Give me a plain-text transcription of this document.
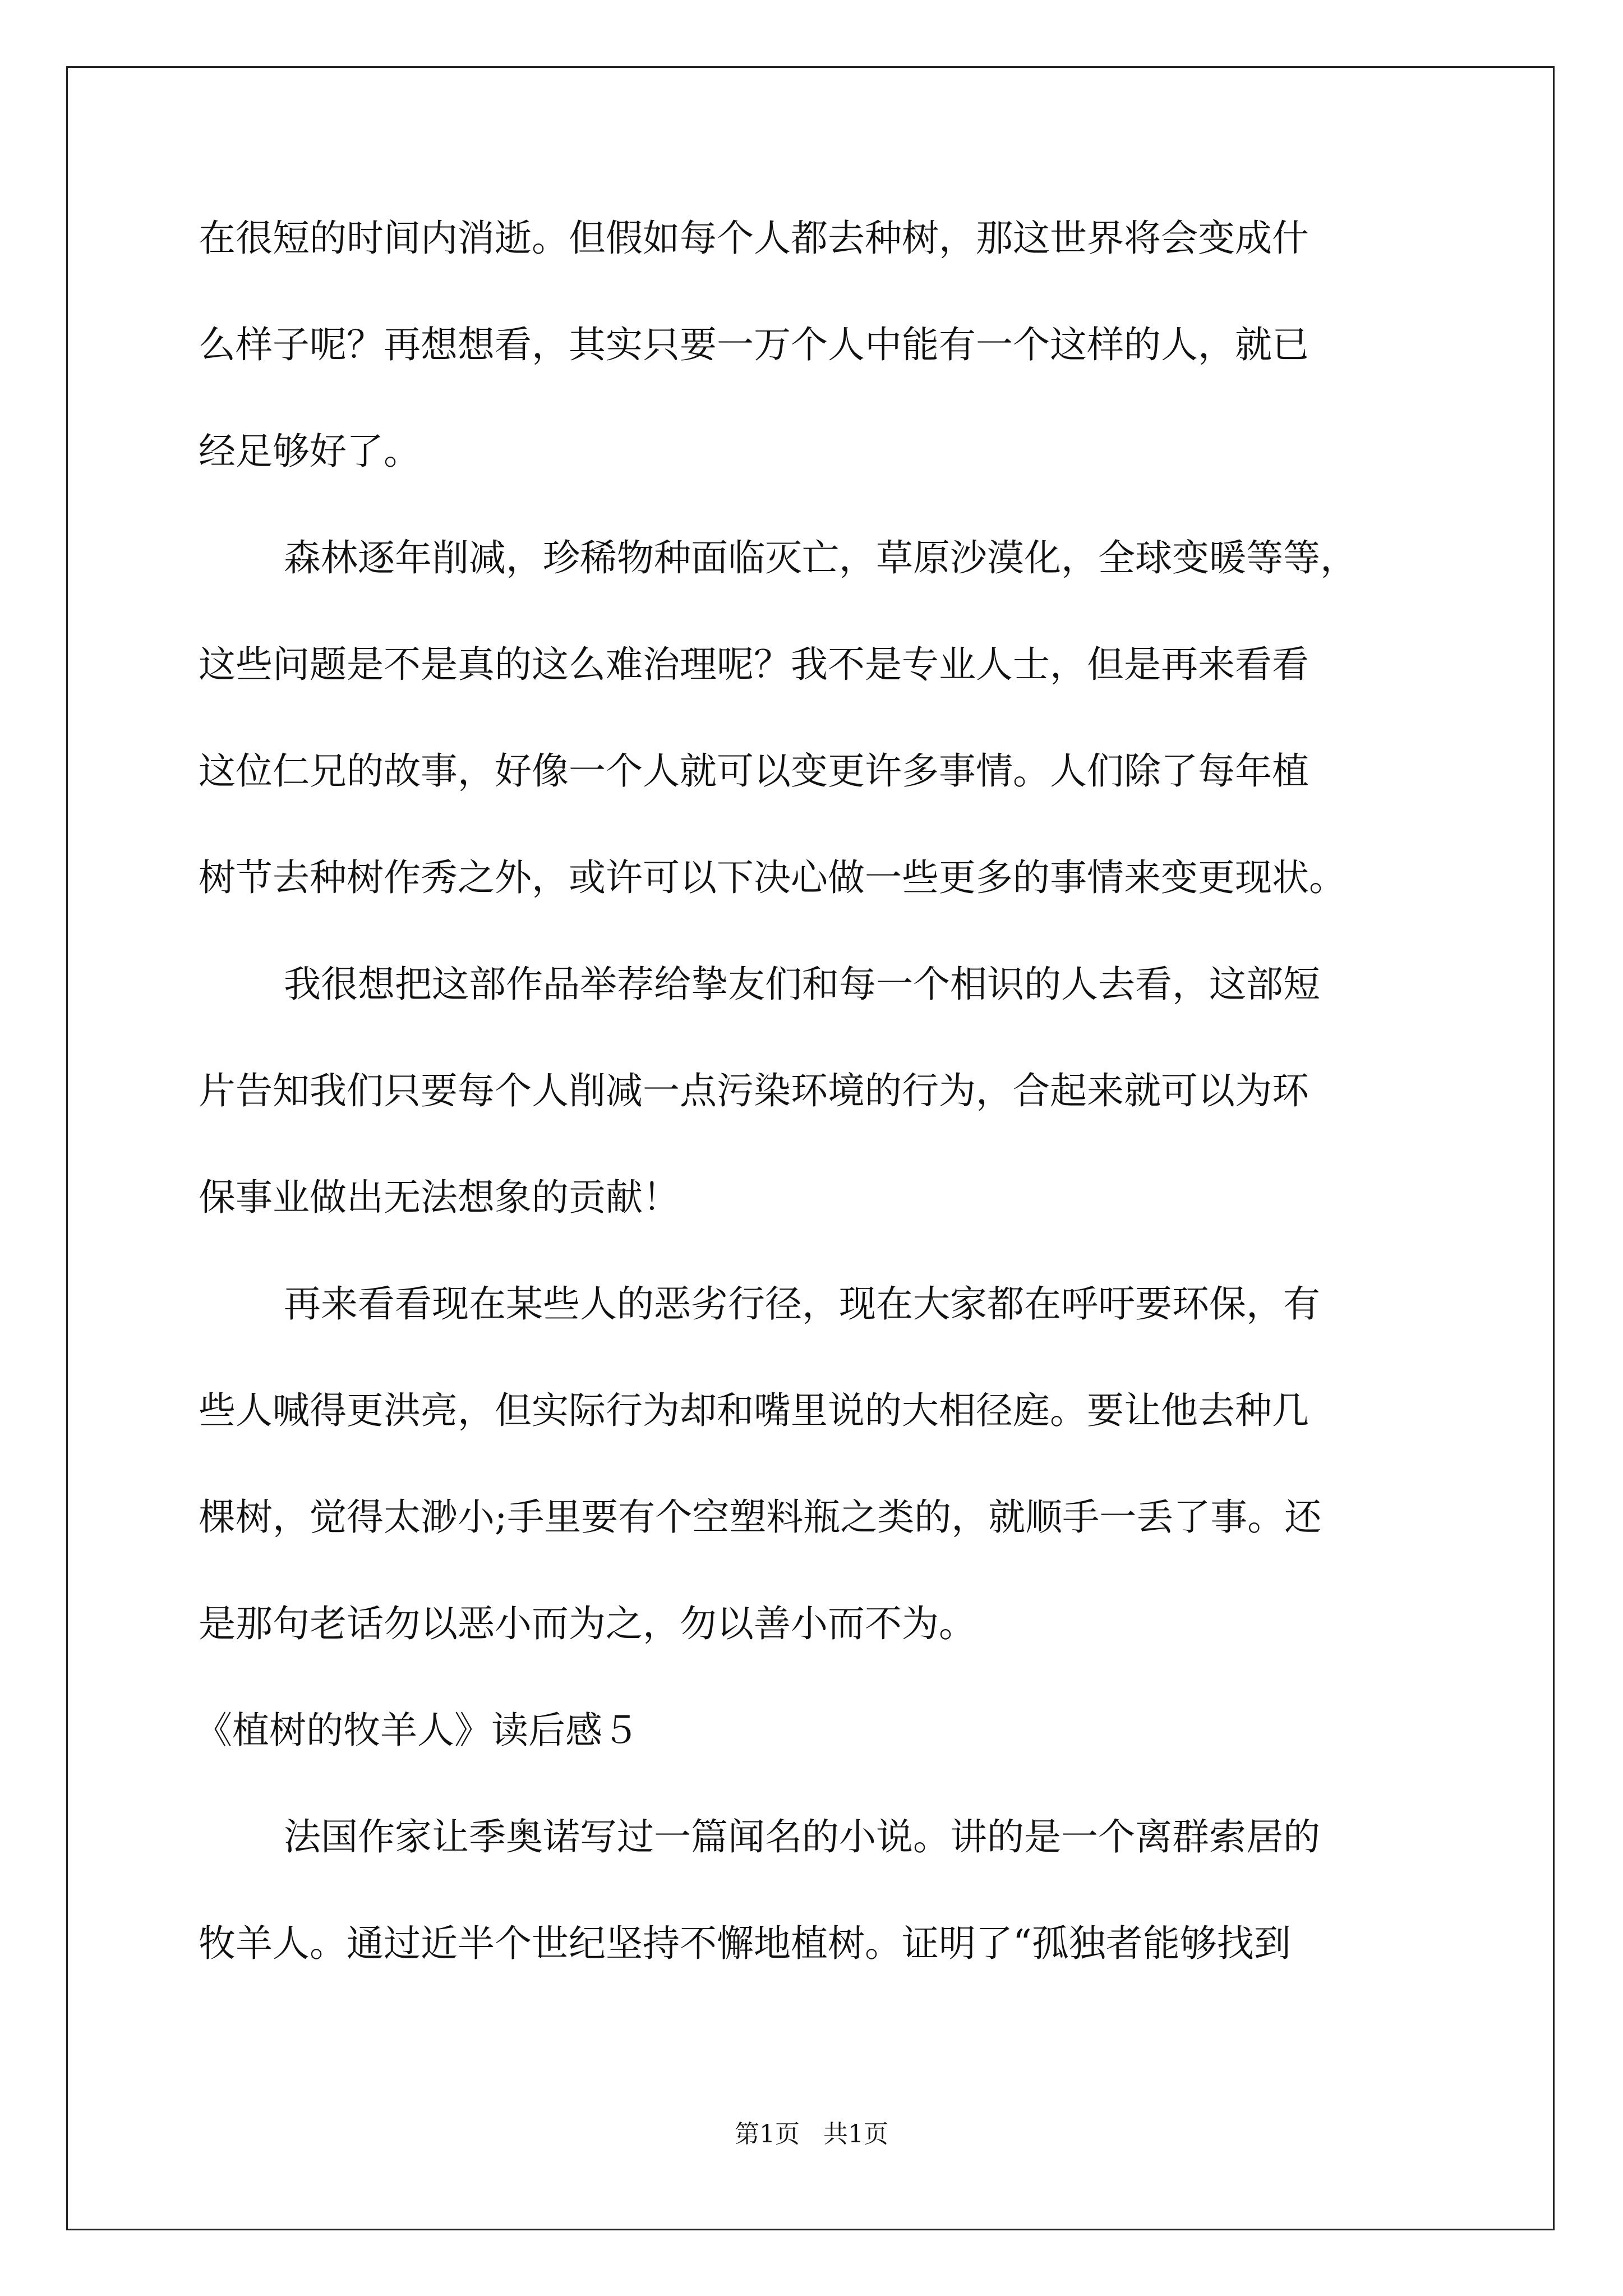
在很短的时间内消逝。但假如每个人都去种树，那这世界将会变成什
么样子呢？再想想看，其实只要一万个人中能有一个这样的人，就已
经足够好了。
森林逐年削减，珍稀物种面临灭亡，草原沙漠化，全球变暖等等，
这些问题是不是真的这么难治理呢？我不是专业人士，但是再来看看
这位仁兄的故事，好像一个人就可以变更许多事情。人们除了每年植
树节去种树作秀之外，或许可以下决心做一些更多的事情来变更现状。
我很想把这部作品举荐给挚友们和每一个相识的人去看，这部短
片告知我们只要每个人削减一点污染环境的行为，合起来就可以为环
保事业做出无法想象的贡献！
再来看看现在某些人的恶劣行径，现在大家都在呼吁要环保，有
些人喊得更洪亮，但实际行为却和嘴里说的大相径庭。要让他去种几
棵树，觉得太渺小;手里要有个空塑料瓶之类的，就顺手一丢了事。还
是那句老话勿以恶小而为之，勿以善小而不为。
《植树的牧羊人》读后感５
法国作家让季奥诺写过一篇闻名的小说。讲的是一个离群索居的
牧羊人。通过近半个世纪坚持不懈地植树。证明了“孤独者能够找到
第1页 共1页
